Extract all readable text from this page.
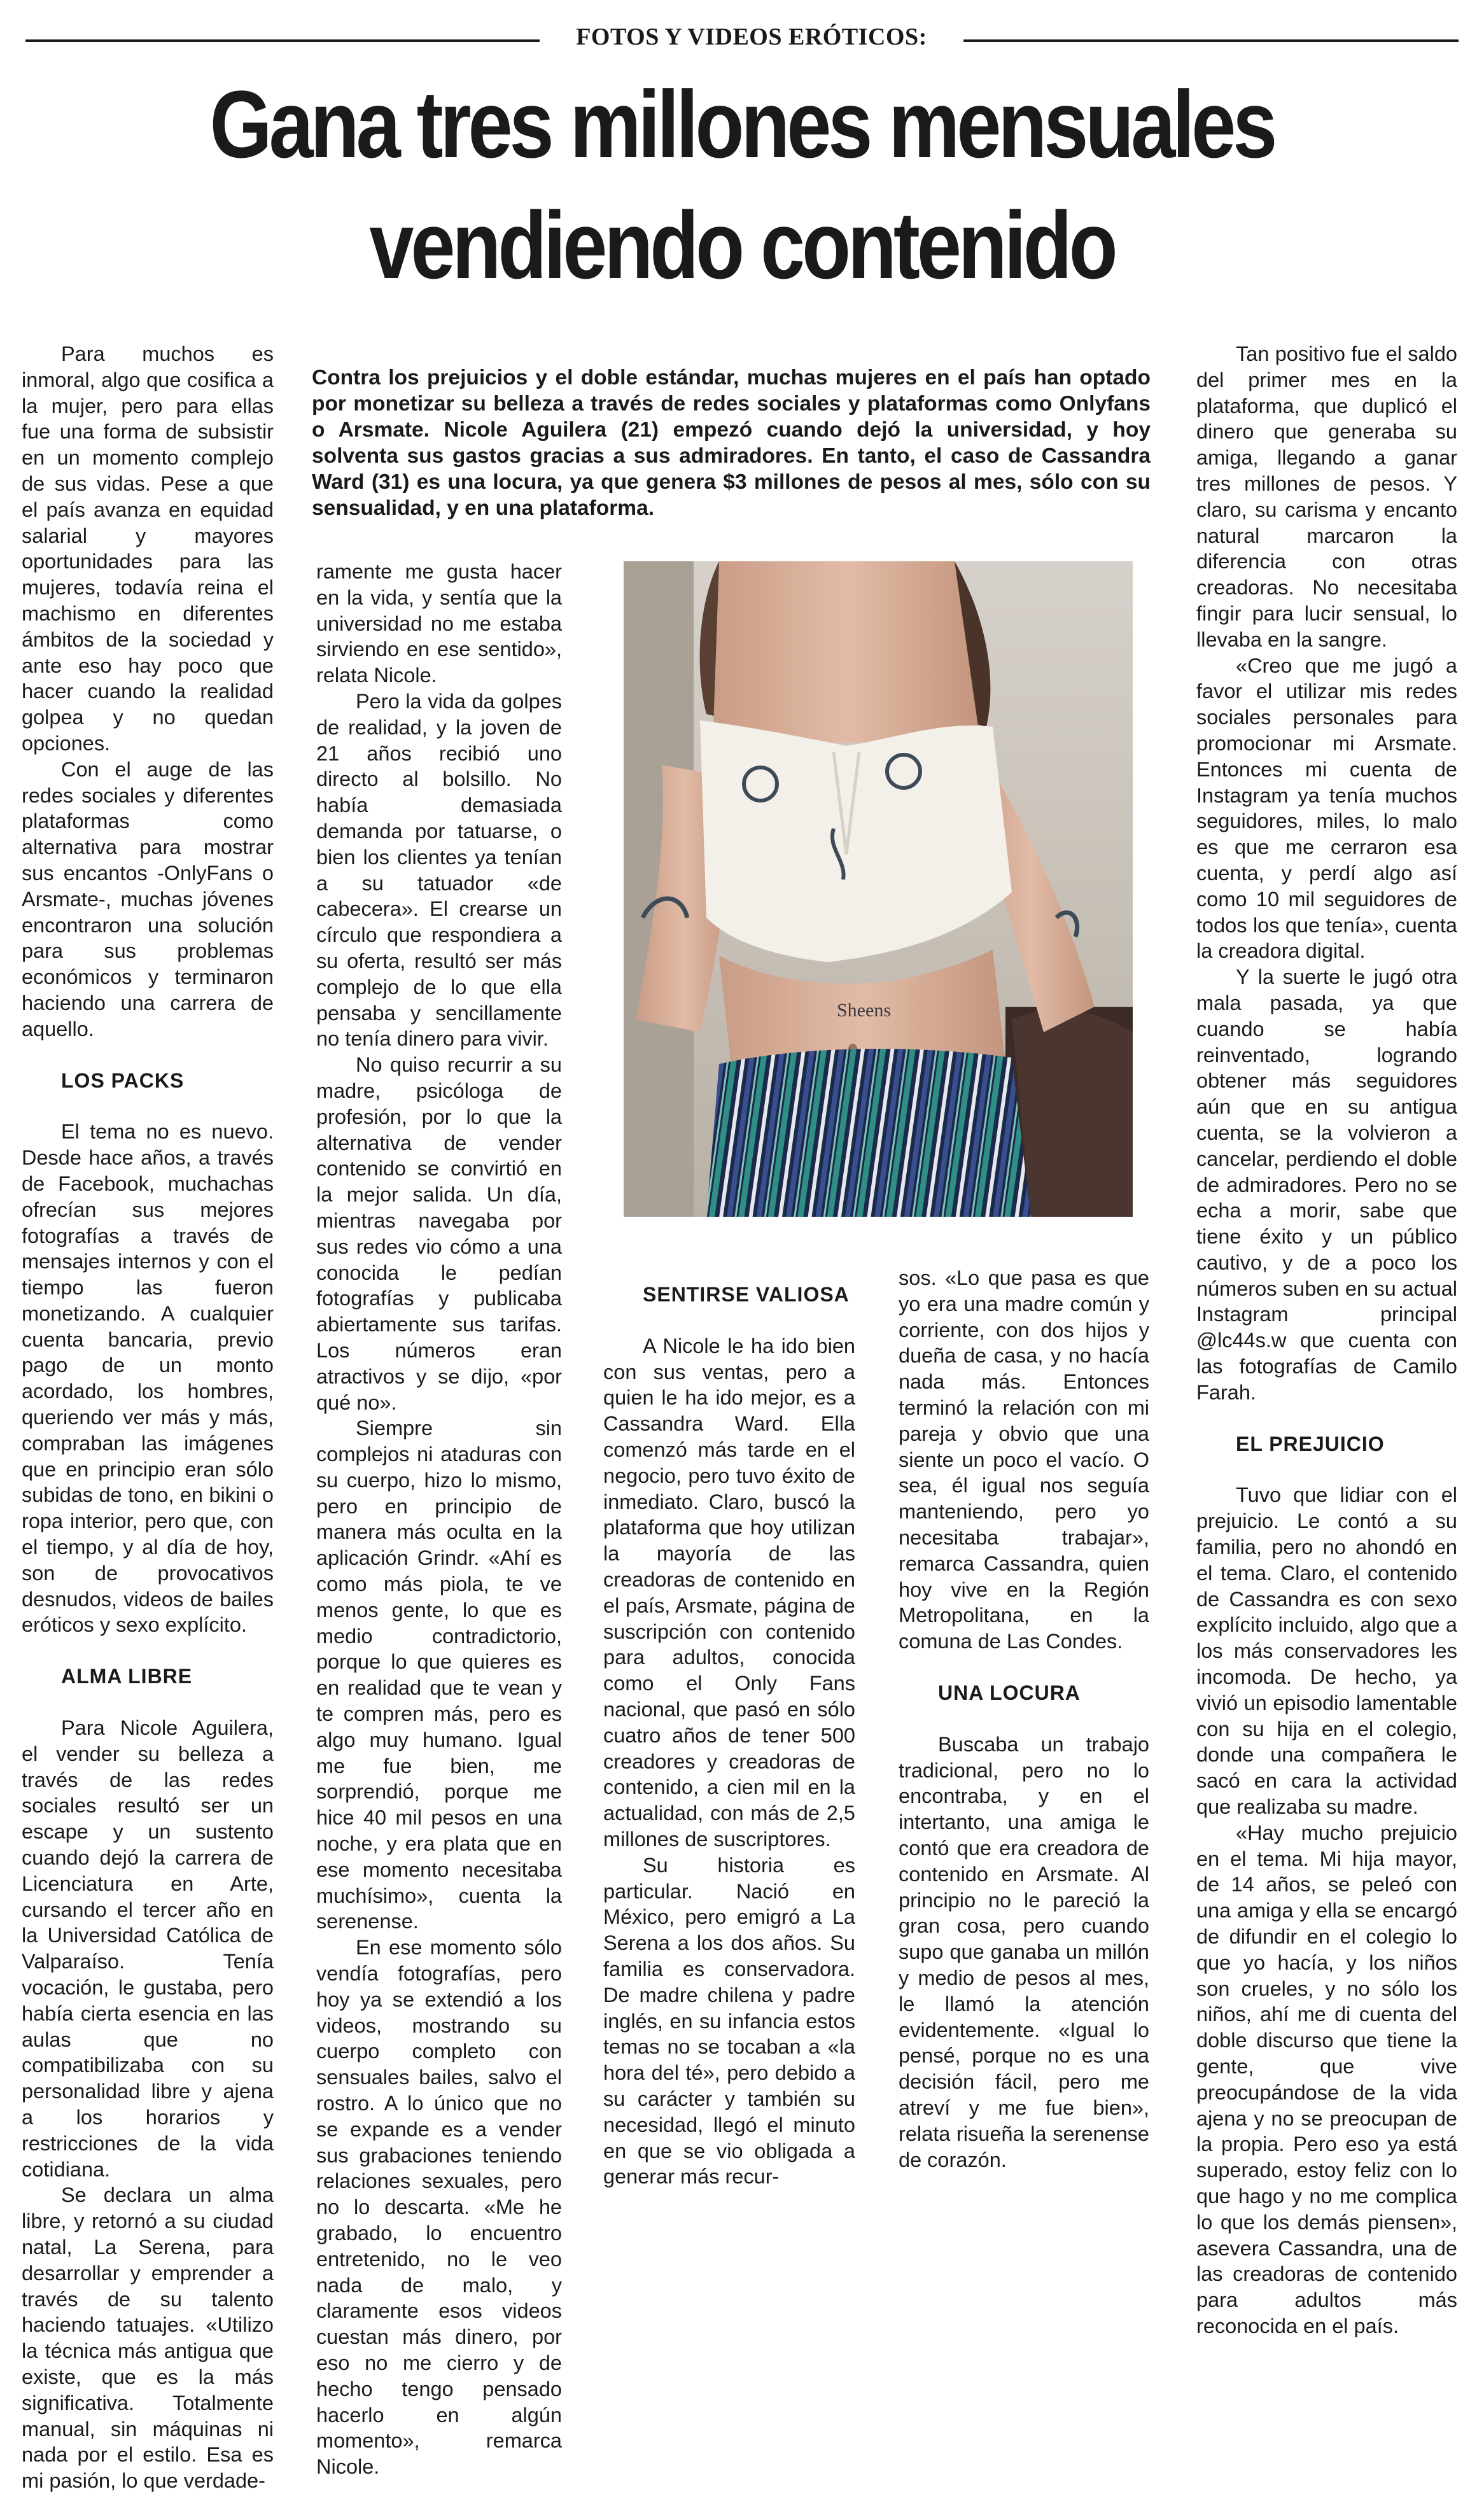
FOTOS Y VIDEOS ERÓTICOS:
Gana tres millones mensuales
vendiendo contenido
Contra los prejuicios y el doble estándar, muchas mujeres en el país han optado por monetizar su belleza a través de redes sociales y plataformas como Onlyfans o Arsmate. Nicole Aguilera (21) empezó cuando dejó la universidad, y hoy solventa sus gastos gracias a sus admiradores. En tanto, el caso de Cassandra Ward (31) es una locura, ya que genera $3 millones de pesos al mes, sólo con su sensualidad, y en una plataforma.

Para muchos es inmoral, algo que cosifica a la mujer, pero para ellas fue una forma de subsistir en un momento complejo de sus vidas. Pese a que el país avanza en equidad salarial y mayores oportunidades para las mujeres, todavía reina el machismo en diferentes ámbitos de la sociedad y ante eso hay poco que hacer cuando la realidad golpea y no quedan opciones.

Con el auge de las redes sociales y diferentes plataformas como alternativa para mostrar sus encantos -OnlyFans o Arsmate-, muchas jóvenes encontraron una solución para sus problemas económicos y terminaron haciendo una carrera de aquello.

LOS PACKS

El tema no es nuevo. Desde hace años, a través de Facebook, muchachas ofrecían sus mejores fotografías a través de mensajes internos y con el tiempo las fueron monetizando. A cualquier cuenta bancaria, previo pago de un monto acordado, los hombres, queriendo ver más y más, compraban las imágenes que en principio eran sólo subidas de tono, en bikini o ropa interior, pero que, con el tiempo, y al día de hoy, son de provocativos desnudos, videos de bailes eróticos y sexo explícito.

ALMA LIBRE

Para Nicole Aguilera, el vender su belleza a través de las redes sociales resultó ser un escape y un sustento cuando dejó la carrera de Licenciatura en Arte, cursando el tercer año en la Universidad Católica de Valparaíso. Tenía vocación, le gustaba, pero había cierta esencia en las aulas que no compatibilizaba con su personalidad libre y ajena a los horarios y restricciones de la vida cotidiana.

Se declara un alma libre, y retornó a su ciudad natal, La Serena, para desarrollar y emprender a través de su talento haciendo tatuajes. «Utilizo la técnica más antigua que existe, que es la más significativa. Totalmente manual, sin máquinas ni nada por el estilo. Esa es mi pasión, lo que verdade-

ramente me gusta hacer en la vida, y sentía que la universidad no me estaba sirviendo en ese sentido», relata Nicole.

Pero la vida da golpes de realidad, y la joven de 21 años recibió uno directo al bolsillo. No había demasiada demanda por tatuarse, o bien los clientes ya tenían a su tatuador «de cabecera». El crearse un círculo que respondiera a su oferta, resultó ser más complejo de lo que ella pensaba y sencillamente no tenía dinero para vivir.

No quiso recurrir a su madre, psicóloga de profesión, por lo que la alternativa de vender contenido se convirtió en la mejor salida. Un día, mientras navegaba por sus redes vio cómo a una conocida le pedían fotografías y publicaba abiertamente sus tarifas. Los números eran atractivos y se dijo, «por qué no».

Siempre sin complejos ni ataduras con su cuerpo, hizo lo mismo, pero en principio de manera más oculta en la aplicación Grindr. «Ahí es como más piola, te ve menos gente, lo que es medio contradictorio, porque lo que quieres es en realidad que te vean y te compren más, pero es algo muy humano. Igual me fue bien, me sorprendió, porque me hice 40 mil pesos en una noche, y era plata que en ese momento necesitaba muchísimo», cuenta la serenense.

En ese momento sólo vendía fotografías, pero hoy ya se extendió a los videos, mostrando su cuerpo completo con sensuales bailes, salvo el rostro. A lo único que no se expande es a vender sus grabaciones teniendo relaciones sexuales, pero no lo descarta. «Me he grabado, lo encuentro entretenido, no le veo nada de malo, y claramente esos videos cuestan más dinero, por eso no me cierro y de hecho tengo pensado hacerlo en algún momento», remarca Nicole.

Sheens
SENTIRSE VALIOSA

A Nicole le ha ido bien con sus ventas, pero a quien le ha ido mejor, es a Cassandra Ward. Ella comenzó más tarde en el negocio, pero tuvo éxito de inmediato. Claro, buscó la plataforma que hoy utilizan la mayoría de las creadoras de contenido en el país, Arsmate, página de suscripción con contenido para adultos, conocida como el Only Fans nacional, que pasó en sólo cuatro años de tener 500 creadores y creadoras de contenido, a cien mil en la actualidad, con más de 2,5 millones de suscriptores.

Su historia es particular. Nació en México, pero emigró a La Serena a los dos años. Su familia es conservadora. De madre chilena y padre inglés, en su infancia estos temas no se tocaban a «la hora del té», pero debido a su carácter y también su necesidad, llegó el minuto en que se vio obligada a generar más recur-

sos. «Lo que pasa es que yo era una madre común y corriente, con dos hijos y dueña de casa, y no hacía nada más. Entonces terminó la relación con mi pareja y obvio que una siente un poco el vacío. O sea, él igual nos seguía manteniendo, pero yo necesitaba trabajar», remarca Cassandra, quien hoy vive en la Región Metropolitana, en la comuna de Las Condes.

UNA LOCURA

Buscaba un trabajo tradicional, pero no lo encontraba, y en el intertanto, una amiga le contó que era creadora de contenido en Arsmate. Al principio no le pareció la gran cosa, pero cuando supo que ganaba un millón y medio de pesos al mes, le llamó la atención evidentemente. «Igual lo pensé, porque no es una decisión fácil, pero me atreví y me fue bien», relata risueña la serenense de corazón.

Tan positivo fue el saldo del primer mes en la plataforma, que duplicó el dinero que generaba su amiga, llegando a ganar tres millones de pesos. Y claro, su carisma y encanto natural marcaron la diferencia con otras creadoras. No necesitaba fingir para lucir sensual, lo llevaba en la sangre.

«Creo que me jugó a favor el utilizar mis redes sociales personales para promocionar mi Arsmate. Entonces mi cuenta de Instagram ya tenía muchos seguidores, miles, lo malo es que me cerraron esa cuenta, y perdí algo así como 10 mil seguidores de todos los que tenía», cuenta la creadora digital.

Y la suerte le jugó otra mala pasada, ya que cuando se había reinventado, logrando obtener más seguidores aún que en su antigua cuenta, se la volvieron a cancelar, perdiendo el doble de admiradores. Pero no se echa a morir, sabe que tiene éxito y un público cautivo, y de a poco los números suben en su actual Instagram principal @lc44s.w que cuenta con las fotografías de Camilo Farah.

EL PREJUICIO

Tuvo que lidiar con el prejuicio. Le contó a su familia, pero no ahondó en el tema. Claro, el contenido de Cassandra es con sexo explícito incluido, algo que a los más conservadores les incomoda. De hecho, ya vivió un episodio lamentable con su hija en el colegio, donde una compañera le sacó en cara la actividad que realizaba su madre.

«Hay mucho prejuicio en el tema. Mi hija mayor, de 14 años, se peleó con una amiga y ella se encargó de difundir en el colegio lo que yo hacía, y los niños son crueles, y no sólo los niños, ahí me di cuenta del doble discurso que tiene la gente, que vive preocupándose de la vida ajena y no se preocupan de la propia. Pero eso ya está superado, estoy feliz con lo que hago y no me complica lo que los demás piensen», asevera Cassandra, una de las creadoras de contenido para adultos más reconocida en el país.
